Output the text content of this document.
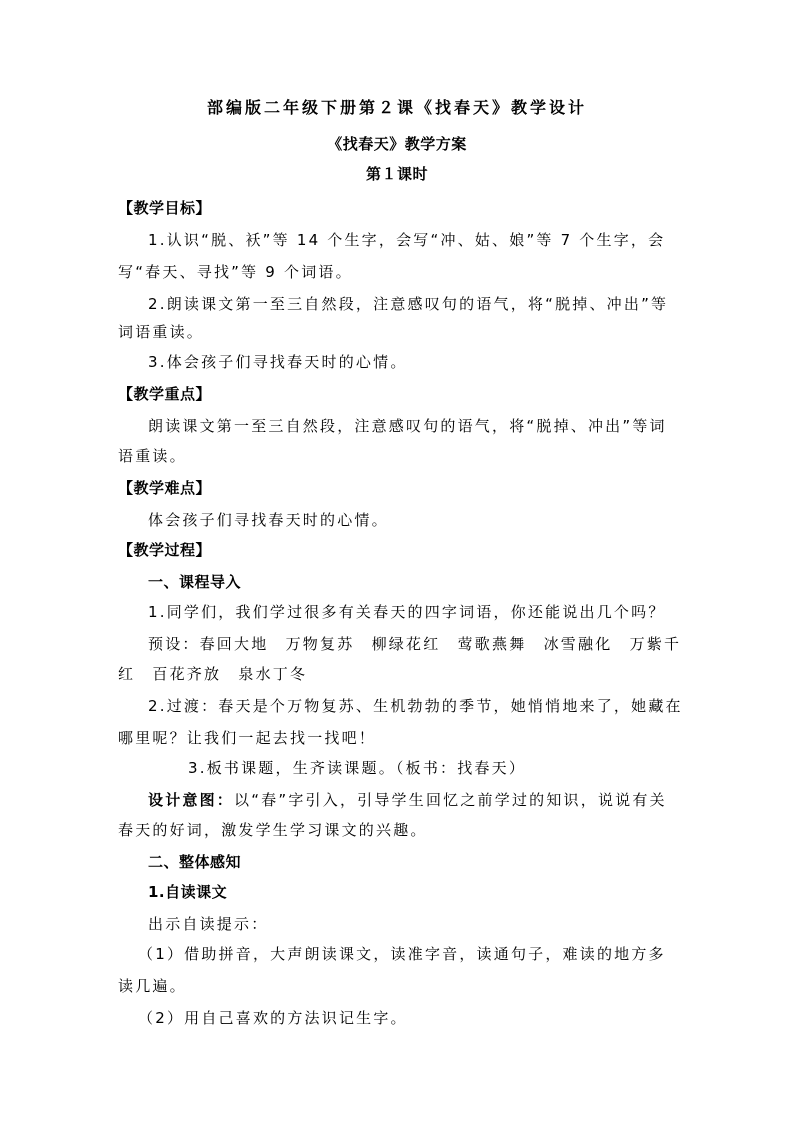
部编版二年级下册第２课《找春天》教学设计
《找春天》教学方案
第１课时
【教学目标】
1.认识“脱、袄”等 14 个生字，会写“冲、姑、娘”等 7 个生字，会
写“春天、寻找”等 9 个词语。
2.朗读课文第一至三自然段，注意感叹句的语气，将“脱掉、冲出”等
词语重读。
3.体会孩子们寻找春天时的心情。
【教学重点】
朗读课文第一至三自然段，注意感叹句的语气，将“脱掉、冲出”等词
语重读。
【教学难点】
体会孩子们寻找春天时的心情。
【教学过程】
一、课程导入
1.同学们，我们学过很多有关春天的四字词语，你还能说出几个吗？
预设：春回大地　万物复苏　柳绿花红　莺歌燕舞　冰雪融化　万紫千
红　百花齐放　泉水丁冬
2.过渡：春天是个万物复苏、生机勃勃的季节，她悄悄地来了，她藏在
哪里呢？让我们一起去找一找吧！
3.板书课题，生齐读课题。（板书：找春天）
设计意图：以“春”字引入，引导学生回忆之前学过的知识，说说有关
春天的好词，激发学生学习课文的兴趣。
二、整体感知
1.自读课文
出示自读提示：
（1）借助拼音，大声朗读课文，读准字音，读通句子，难读的地方多
读几遍。
（2）用自己喜欢的方法识记生字。
